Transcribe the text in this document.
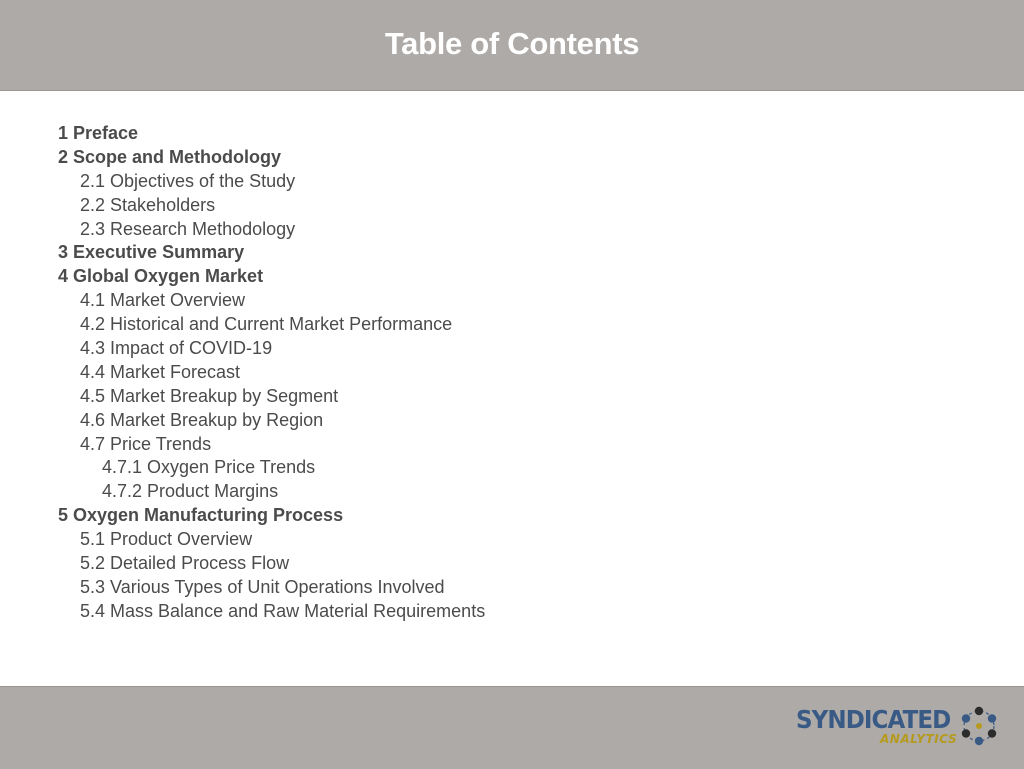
Table of Contents
1 Preface
2 Scope and Methodology
2.1 Objectives of the Study
2.2 Stakeholders
2.3 Research Methodology
3 Executive Summary
4 Global Oxygen Market
4.1 Market Overview
4.2 Historical and Current Market Performance
4.3 Impact of COVID-19
4.4 Market Forecast
4.5 Market Breakup by Segment
4.6 Market Breakup by Region
4.7 Price Trends
4.7.1 Oxygen Price Trends
4.7.2 Product Margins
5 Oxygen Manufacturing Process
5.1 Product Overview
5.2 Detailed Process Flow
5.3 Various Types of Unit Operations Involved
5.4 Mass Balance and Raw Material Requirements
SYNDICATED
ANALYTICS
